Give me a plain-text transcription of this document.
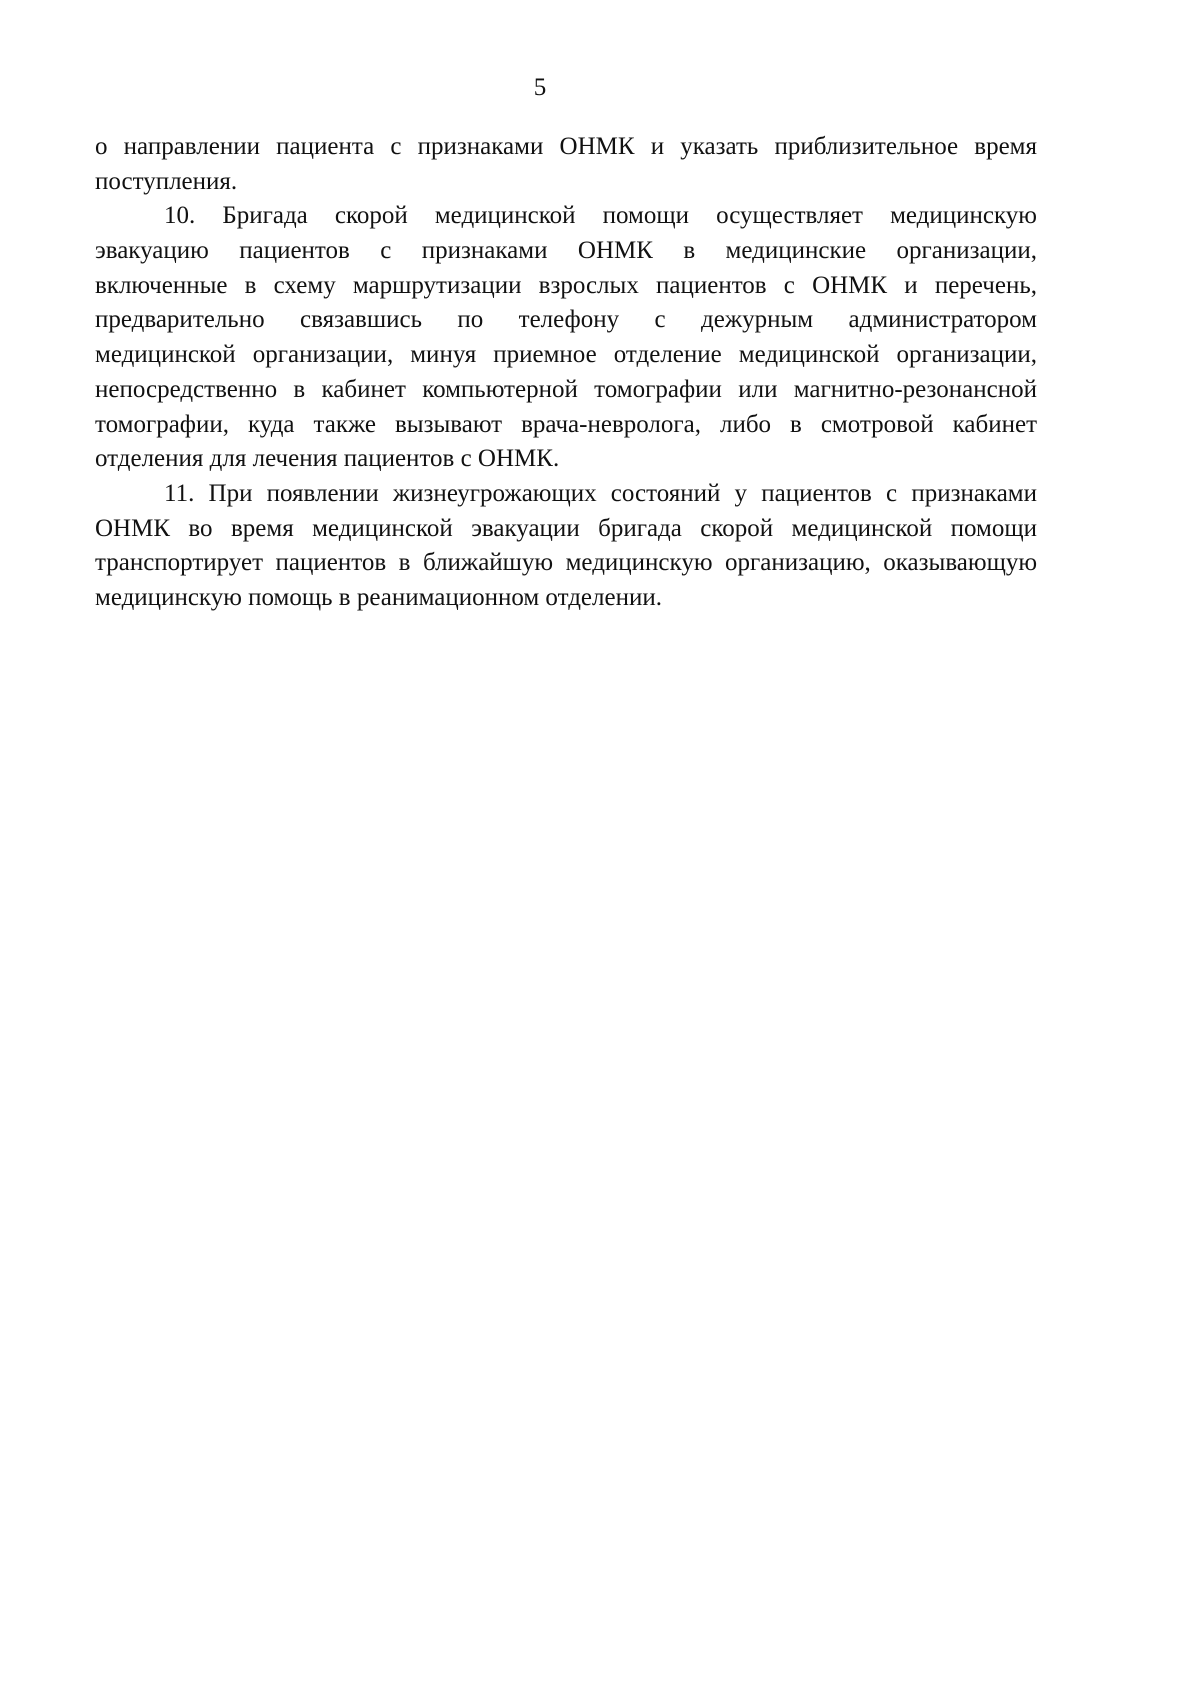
5
о направлении пациента с признаками ОНМК и указать приблизительное время
поступления.
10. Бригада скорой медицинской помощи осуществляет медицинскую
эвакуацию пациентов с признаками ОНМК в медицинские организации,
включенные в схему маршрутизации взрослых пациентов с ОНМК и перечень,
предварительно связавшись по телефону с дежурным администратором
медицинской организации, минуя приемное отделение медицинской организации,
непосредственно в кабинет компьютерной томографии или магнитно-резонансной
томографии, куда также вызывают врача-невролога, либо в смотровой кабинет
отделения для лечения пациентов с ОНМК.
11. При появлении жизнеугрожающих состояний у пациентов с признаками
ОНМК во время медицинской эвакуации бригада скорой медицинской помощи
транспортирует пациентов в ближайшую медицинскую организацию, оказывающую
медицинскую помощь в реанимационном отделении.
